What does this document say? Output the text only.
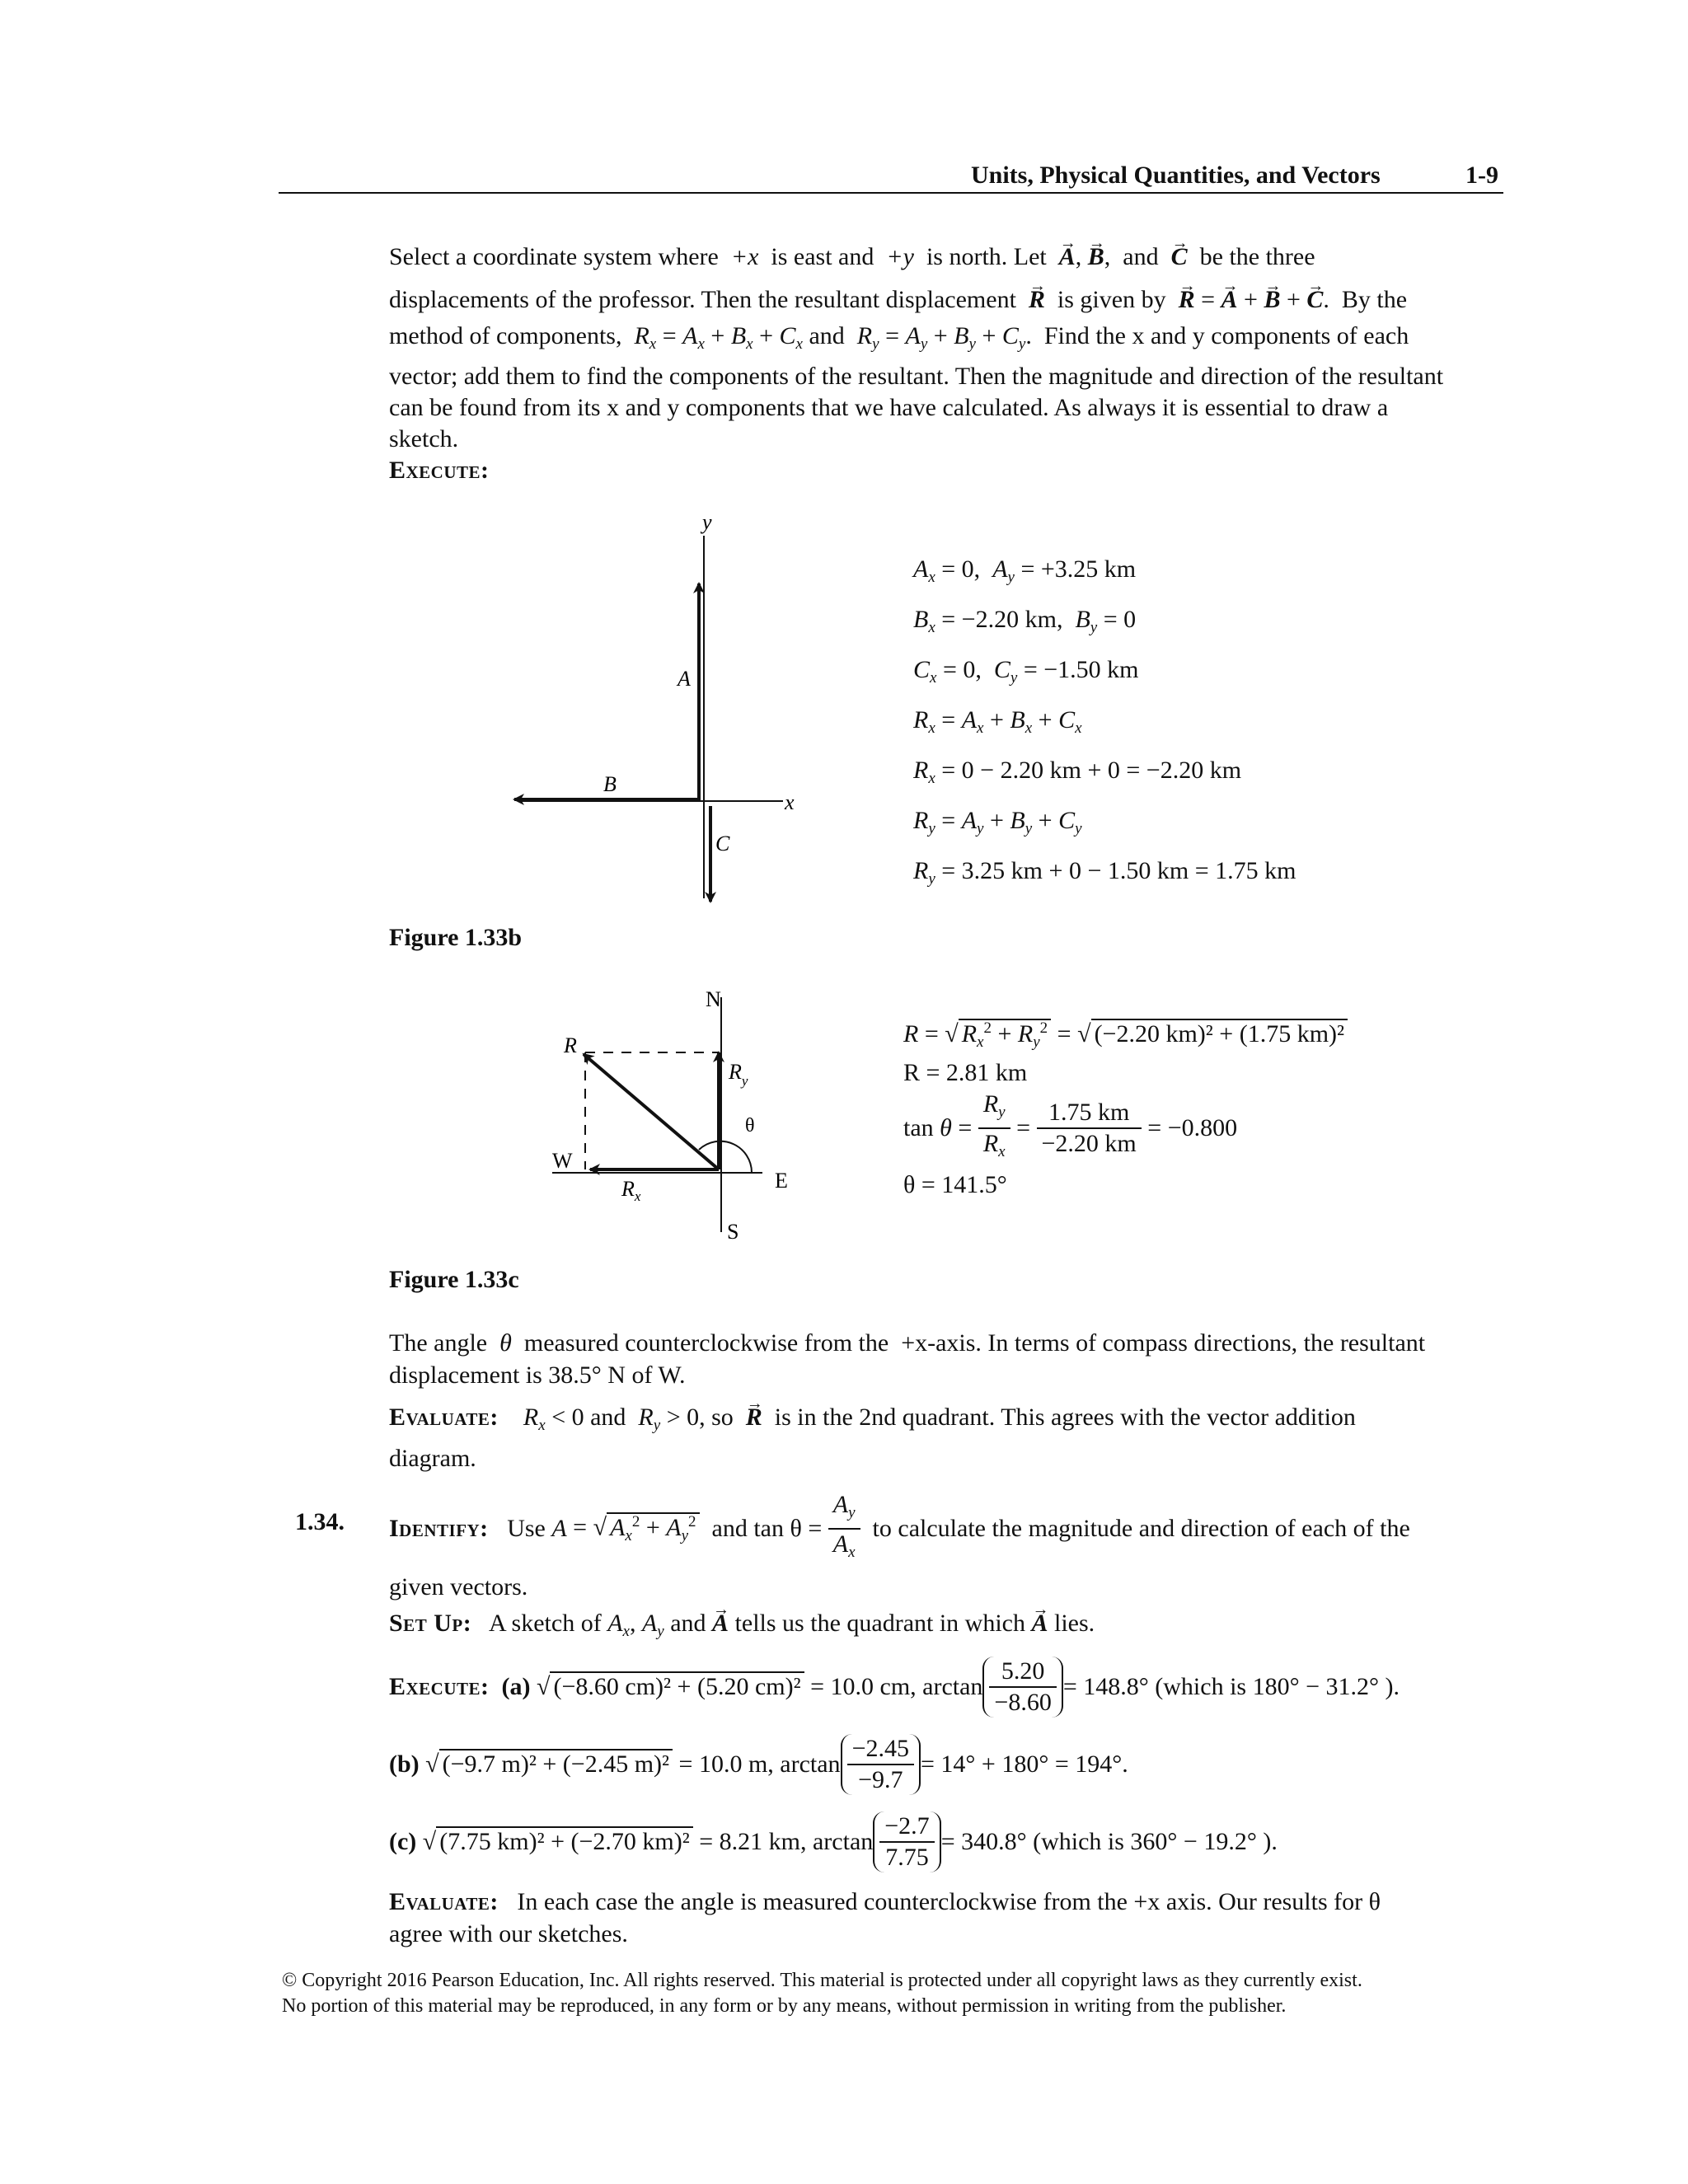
Units, Physical Quantities, and Vectors	1-9
Select a coordinate system where +x is east and +y is north. Let → A, → B,  and  → C be the three
displacements of the professor. Then the resultant displacement → R is given by → R = → A + → B + → C.  By the
method of components, $R_x = A_x + B_x + C_x$ and  $R_y = A_y + B_y + C_y$.  Find the x and y components of each
vector; add them to find the components of the resultant. Then the magnitude and direction of the resultant
can be found from its x and y components that we have calculated. As always it is essential to draw a
sketch.
Execute:
y
x
A
B
C
Figure 1.33b
$A_x = 0$,  $A_y = +3.25$ km
$B_x = -2.20$ km,  $B_y = 0$
$C_x = 0$,  $C_y = -1.50$ km
$R_x = A_x + B_x + C_x$
$R_x = 0 - 2.20$ km + 0 = −2.20 km
$R_y = A_y + B_y + C_y$
$R_y = 3.25$ km + 0 − 1.50 km = 1.75 km
N
S
E
W
R
$R_x$
$R_y$
θ
Figure 1.33c
R = √ $R_x^2 + R_y^2$ = √ (−2.20 km)² + (1.75 km)²
R = 2.81 km
$\tan \theta = \frac{R_y}{R_x} = \frac{1.75 km}{-2.20 km} = -0.800$
θ = 141.5°
The angle θ measured counterclockwise from the +x-axis. In terms of compass directions, the resultant
displacement is 38.5° N of W.
Evaluate: $R_x < 0$ and $R_y > 0$, so → R is in the 2nd quadrant. This agrees with the vector addition
diagram.
1.34. Identify: Use A = √ $A_x^2 + A_y^2$ and $\tan \theta = \frac{A_y}{A_x}$ to calculate the magnitude and direction of each of the
given vectors.
Set Up: A sketch of $A_x$, $A_y$ and → A tells us the quadrant in which → A lies.
Execute: (a) √ (−8.60 cm)² + (5.20 cm)² = 10.0 cm, $\arctan \frac{5.20}{-8.60} = 148.8^\circ$ (which is 180° − 31.2° ).
(b) √ (−9.7 m)² + (−2.45 m)² = 10.0 m, $\arctan \frac{-2.45}{-9.7} = 14^\circ + 180^\circ = 194^\circ$.
(c) √ (7.75 km)² + (−2.70 km)² = 8.21 km, $\arctan \frac{-2.7}{7.75} = 340.8^\circ$ (which is 360° − 19.2° ).
Evaluate: In each case the angle is measured counterclockwise from the +x axis. Our results for θ
agree with our sketches.
© Copyright 2016 Pearson Education, Inc. All rights reserved. This material is protected under all copyright laws as they currently exist.
No portion of this material may be reproduced, in any form or by any means, without permission in writing from the publisher.
